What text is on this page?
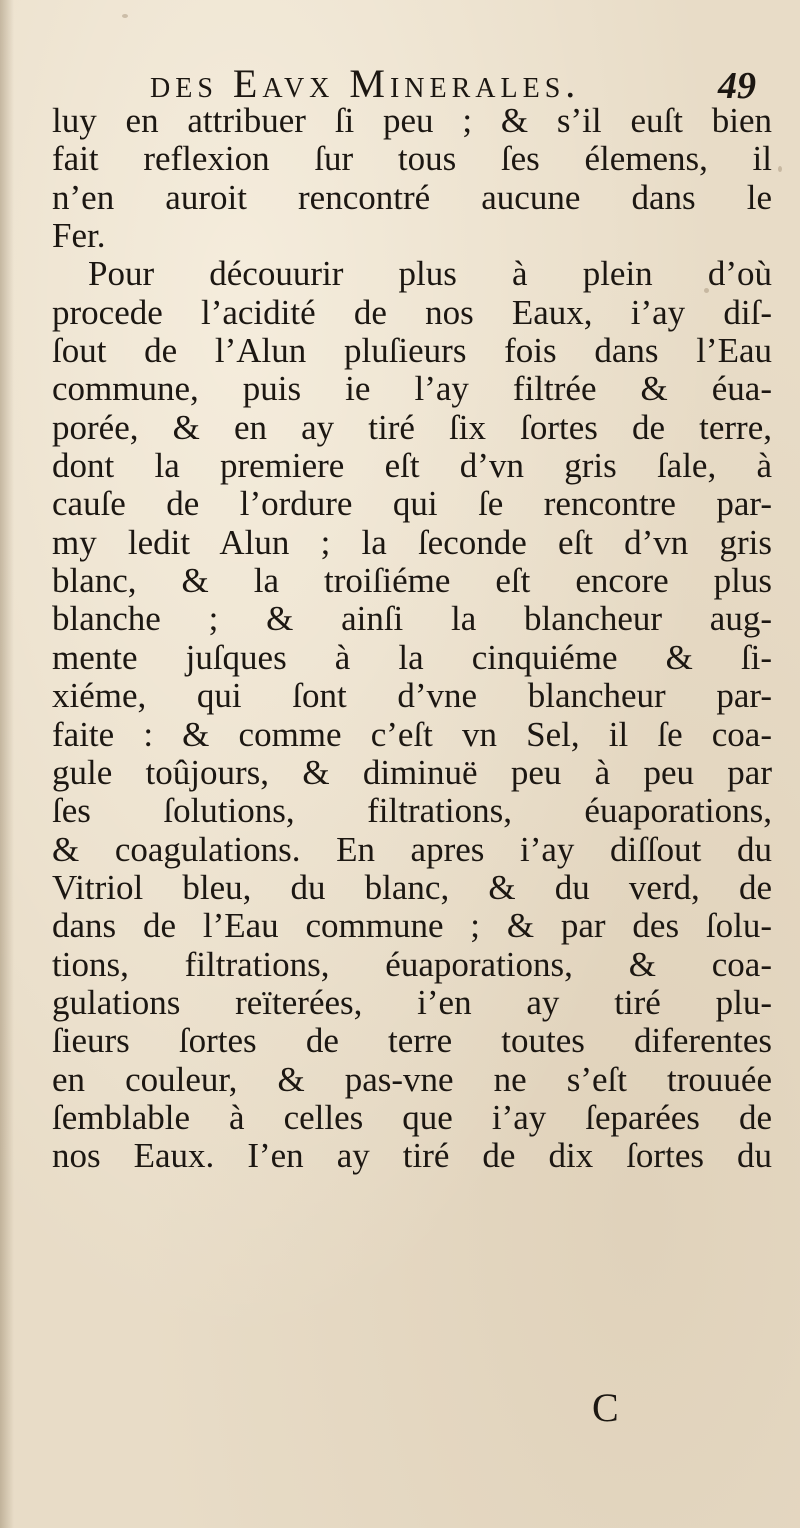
des Eavx Minerales.	49
luy en attribuer ſi peu ; & s’il euſt bien
fait reflexion ſur tous ſes élemens, il
n’en auroit rencontré aucune dans le
Fer.
Pour découurir plus à plein d’où
procede l’acidité de nos Eaux, i’ay diſ-
ſout de l’Alun pluſieurs fois dans l’Eau
commune, puis ie l’ay filtrée & éua-
porée, & en ay tiré ſix ſortes de terre,
dont la premiere eſt d’vn gris ſale, à
cauſe de l’ordure qui ſe rencontre par-
my ledit Alun ; la ſeconde eſt d’vn gris
blanc, & la troiſiéme eſt encore plus
blanche ; & ainſi la blancheur aug-
mente juſques à la cinquiéme & ſi-
xiéme, qui ſont d’vne blancheur par-
faite : & comme c’eſt vn Sel, il ſe coa-
gule toûjours, & diminuë peu à peu par
ſes ſolutions, filtrations, éuaporations,
& coagulations. En apres i’ay diſſout du
Vitriol bleu, du blanc, & du verd, de
dans de l’Eau commune ; & par des ſolu-
tions, filtrations, éuaporations, & coa-
gulations reïterées, i’en ay tiré plu-
ſieurs ſortes de terre toutes diferentes
en couleur, & pas-vne ne s’eſt trouuée
ſemblable à celles que i’ay ſeparées de
nos Eaux. I’en ay tiré de dix ſortes du
C
